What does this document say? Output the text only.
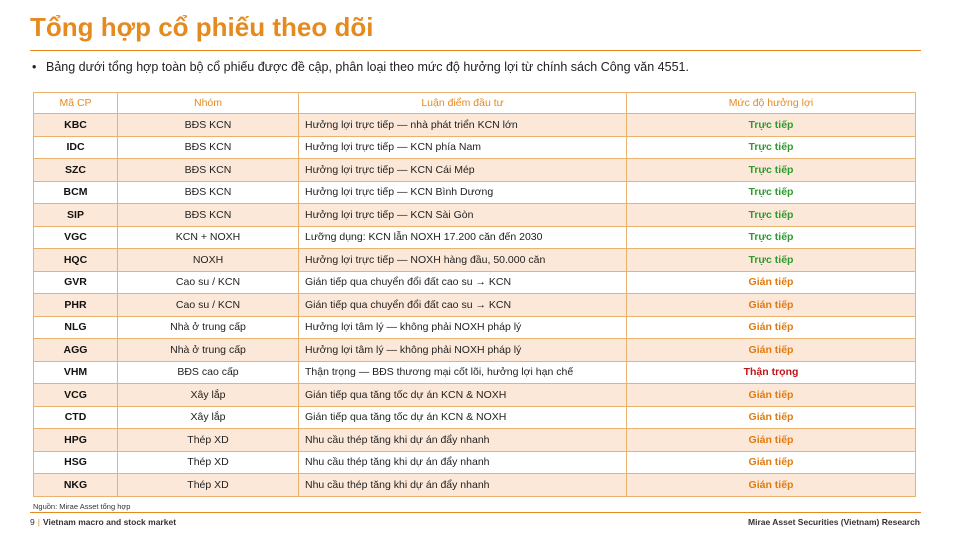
Tổng hợp cổ phiếu theo dõi
• Bảng dưới tổng hợp toàn bộ cổ phiếu được đề cập, phân loại theo mức độ hưởng lợi từ chính sách Công văn 4551.
Mã CP	Nhóm	Luận điểm đầu tư	Mức độ hưởng lợi
KBC	BĐS KCN	Hưởng lợi trực tiếp — nhà phát triển KCN lớn	Trực tiếp
IDC	BĐS KCN	Hưởng lợi trực tiếp — KCN phía Nam	Trực tiếp
SZC	BĐS KCN	Hưởng lợi trực tiếp — KCN Cái Mép	Trực tiếp
BCM	BĐS KCN	Hưởng lợi trực tiếp — KCN Bình Dương	Trực tiếp
SIP	BĐS KCN	Hưởng lợi trực tiếp — KCN Sài Gòn	Trực tiếp
VGC	KCN + NOXH	Lưỡng dụng: KCN lẫn NOXH 17.200 căn đến 2030	Trực tiếp
HQC	NOXH	Hưởng lợi trực tiếp — NOXH hàng đầu, 50.000 căn	Trực tiếp
GVR	Cao su / KCN	Gián tiếp qua chuyển đổi đất cao su → KCN	Gián tiếp
PHR	Cao su / KCN	Gián tiếp qua chuyển đổi đất cao su → KCN	Gián tiếp
NLG	Nhà ở trung cấp	Hưởng lợi tâm lý — không phải NOXH pháp lý	Gián tiếp
AGG	Nhà ở trung cấp	Hưởng lợi tâm lý — không phải NOXH pháp lý	Gián tiếp
VHM	BĐS cao cấp	Thận trọng — BĐS thương mại cốt lõi, hưởng lợi hạn chế	Thận trọng
VCG	Xây lắp	Gián tiếp qua tăng tốc dự án KCN & NOXH	Gián tiếp
CTD	Xây lắp	Gián tiếp qua tăng tốc dự án KCN & NOXH	Gián tiếp
HPG	Thép XD	Nhu cầu thép tăng khi dự án đẩy nhanh	Gián tiếp
HSG	Thép XD	Nhu cầu thép tăng khi dự án đẩy nhanh	Gián tiếp
NKG	Thép XD	Nhu cầu thép tăng khi dự án đẩy nhanh	Gián tiếp
Nguồn: Mirae Asset tổng hợp
9 | Vietnam macro and stock market	Mirae Asset Securities (Vietnam) Research
